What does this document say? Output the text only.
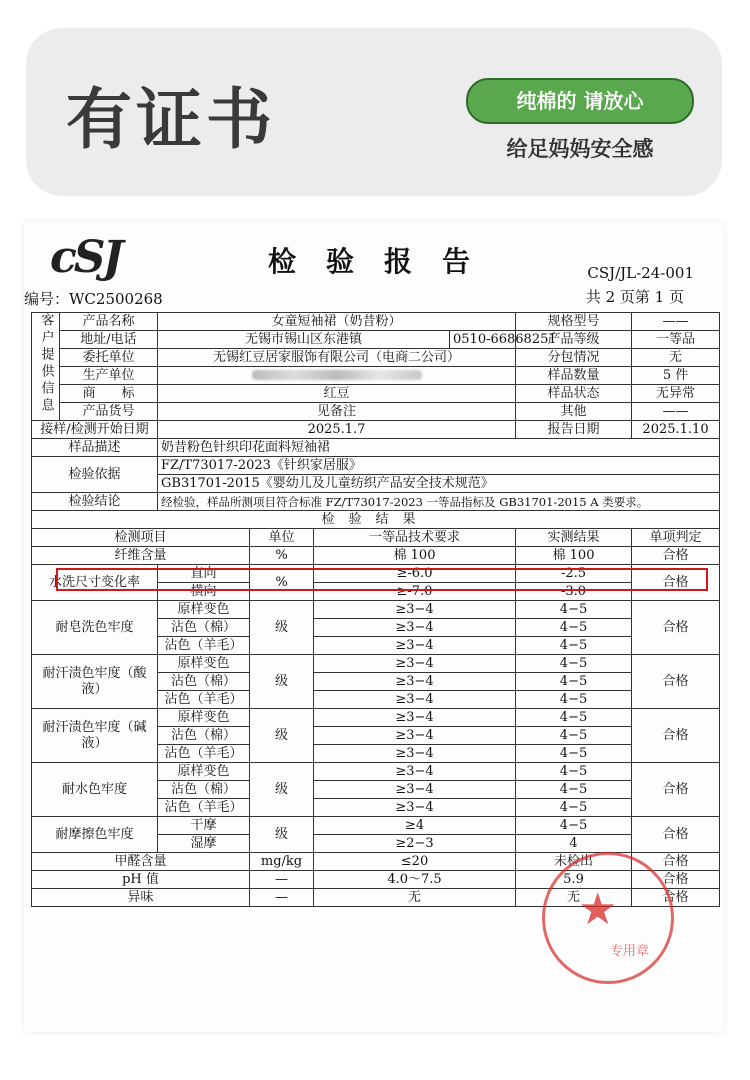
有证书	纯棉的 请放心
给足妈妈安全感
cSJ	检验报告	CSJ/JL-24-001
共 2 页第 1 页
编号：WC2500268
客户提供信息	产品名称	女童短袖裙（奶昔粉）				规格型号	——
	地址/电话	无锡市锡山区东港镇			0510-66868251	产品等级	一等品
	委托单位	无锡红豆居家服饰有限公司（电商二公司）				分包情况	无
	生产单位					样品数量	5 件
	商　　标	红豆				样品状态	无异常
	产品货号	见备注				其他	——
接样/检测开始日期		2025.1.7				报告日期	2025.1.10
样品描述		奶昔粉色针织印花面料短袖裙					
检验依据		FZ/T73017-2023《针织家居服》					
		GB31701-2015《婴幼儿及儿童纺织产品安全技术规范》					
检验结论		经检验，样品所测项目符合标准 FZ/T73017-2023 一等品指标及 GB31701-2015 A 类要求。					
检验结果							
检测项目			单位	一等品技术要求		实测结果	单项判定
纤维含量			%	棉 100		棉 100	合格
水洗尺寸变化率		直向	%	≥-6.0		-2.5	合格
		横向		≥-7.0		-3.0	
耐皂洗色牢度		原样变色	级	≥3−4		4−5	合格
		沾色（棉）		≥3−4		4−5	
		沾色（羊毛）		≥3−4		4−5	
耐汗渍色牢度（酸液）		原样变色	级	≥3−4		4−5	合格
		沾色（棉）		≥3−4		4−5	
		沾色（羊毛）		≥3−4		4−5	
耐汗渍色牢度（碱液）		原样变色	级	≥3−4		4−5	合格
		沾色（棉）		≥3−4		4−5	
		沾色（羊毛）		≥3−4		4−5	
耐水色牢度		原样变色	级	≥3−4		4−5	合格
		沾色（棉）		≥3−4		4−5	
		沾色（羊毛）		≥3−4		4−5	
耐摩擦色牢度		干摩	级	≥4		4−5	合格
		湿摩		≥2−3		4	
甲醛含量			mg/kg	≤20		未检出	合格
pH 值			—	4.0～7.5		5.9	合格
异味			—	无		无	合格
★
专用章
